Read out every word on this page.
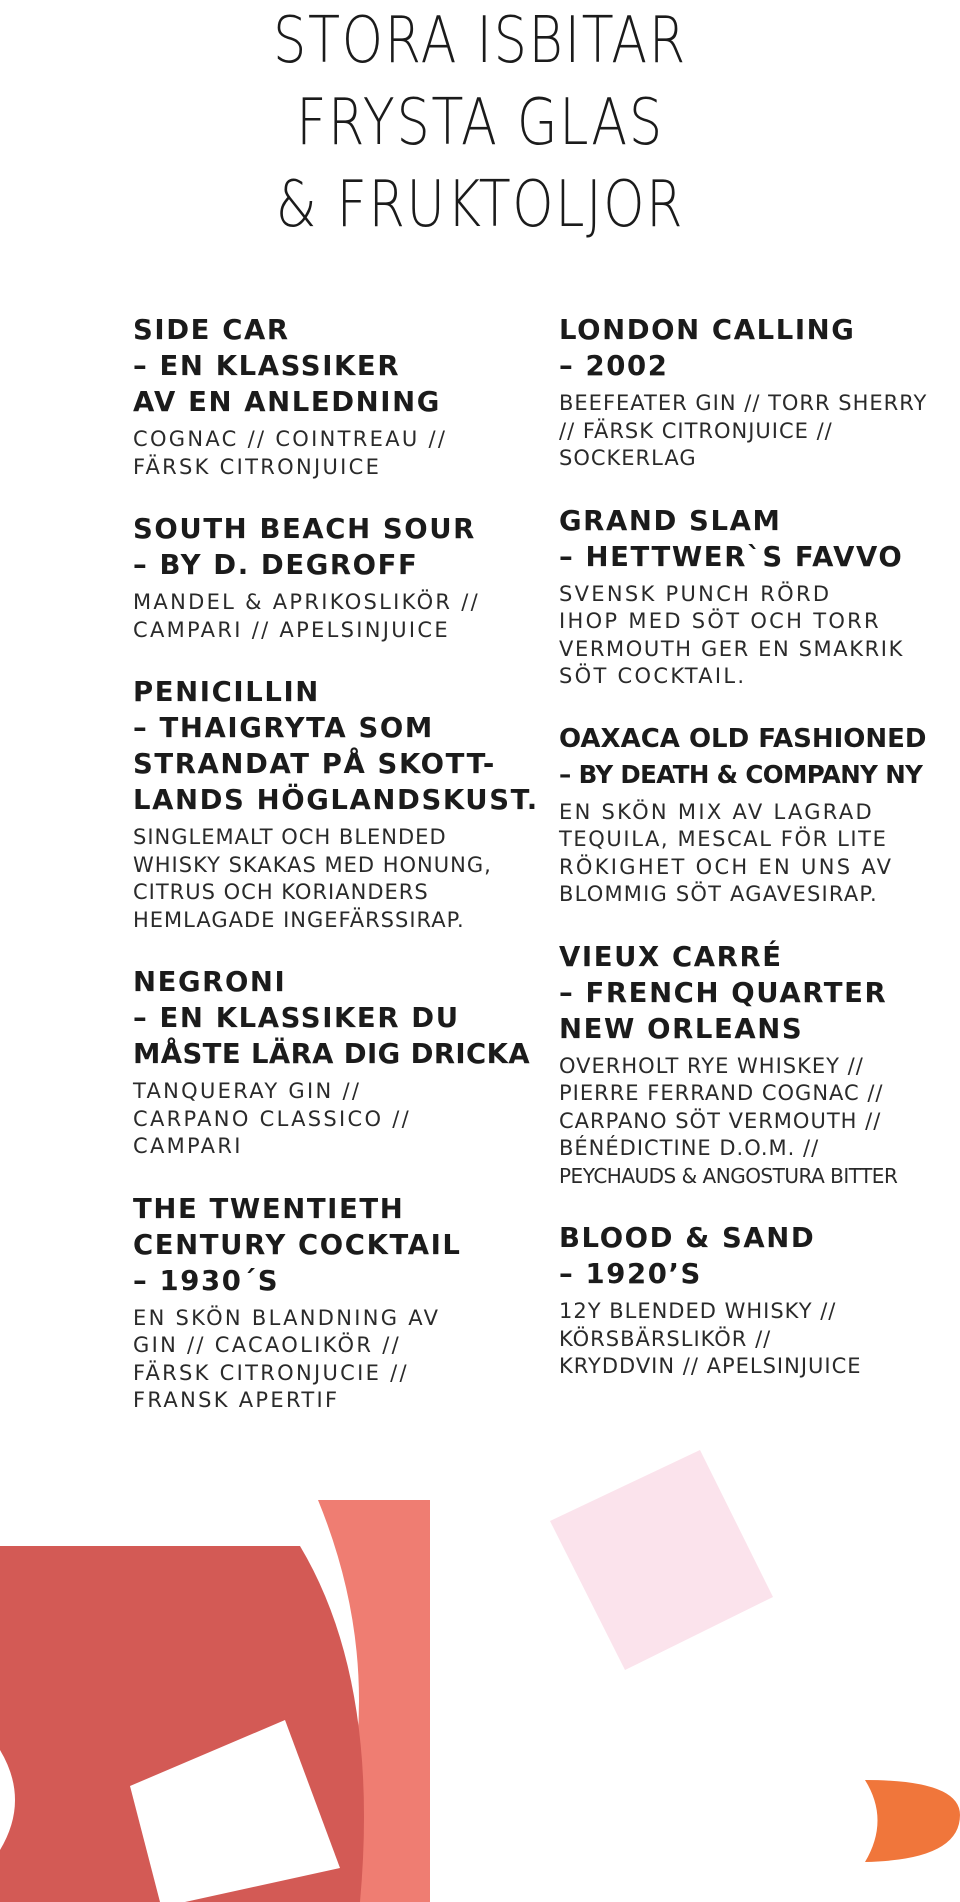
STORA ISBITAR
FRYSTA GLAS
& FRUKTOLJOR
SIDE CAR
– EN KLASSIKER
AV EN ANLEDNING
COGNAC // COINTREAU //
FÄRSK CITRONJUICE
SOUTH BEACH SOUR
– BY D. DEGROFF
MANDEL & APRIKOSLIKÖR //
CAMPARI // APELSINJUICE
PENICILLIN
– THAIGRYTA SOM
STRANDAT PÅ SKOTT-
LANDS HÖGLANDSKUST.
SINGLEMALT OCH BLENDED
WHISKY SKAKAS MED HONUNG,
CITRUS OCH KORIANDERS
HEMLAGADE INGEFÄRSSIRAP.
NEGRONI
– EN KLASSIKER DU
MÅSTE LÄRA DIG DRICKA
TANQUERAY GIN //
CARPANO CLASSICO //
CAMPARI
THE TWENTIETH
CENTURY COCKTAIL
– 1930´S
EN SKÖN BLANDNING AV
GIN // CACAOLIKÖR //
FÄRSK CITRONJUCIE //
FRANSK APERTIF
LONDON CALLING
– 2002
BEEFEATER GIN // TORR SHERRY
// FÄRSK CITRONJUICE //
SOCKERLAG
GRAND SLAM
– HETTWER`S FAVVO
SVENSK PUNCH RÖRD
IHOP MED SÖT OCH TORR
VERMOUTH GER EN SMAKRIK
SÖT COCKTAIL.
OAXACA OLD FASHIONED
– BY DEATH & COMPANY NY
EN SKÖN MIX AV LAGRAD
TEQUILA, MESCAL FÖR LITE
RÖKIGHET OCH EN UNS AV
BLOMMIG SÖT AGAVESIRAP.
VIEUX CARRÉ
– FRENCH QUARTER
NEW ORLEANS
OVERHOLT RYE WHISKEY //
PIERRE FERRAND COGNAC //
CARPANO SÖT VERMOUTH //
BÉNÉDICTINE D.O.M. //
PEYCHAUDS & ANGOSTURA BITTER
BLOOD & SAND
– 1920’S
12Y BLENDED WHISKY //
KÖRSBÄRSLIKÖR //
KRYDDVIN // APELSINJUICE
